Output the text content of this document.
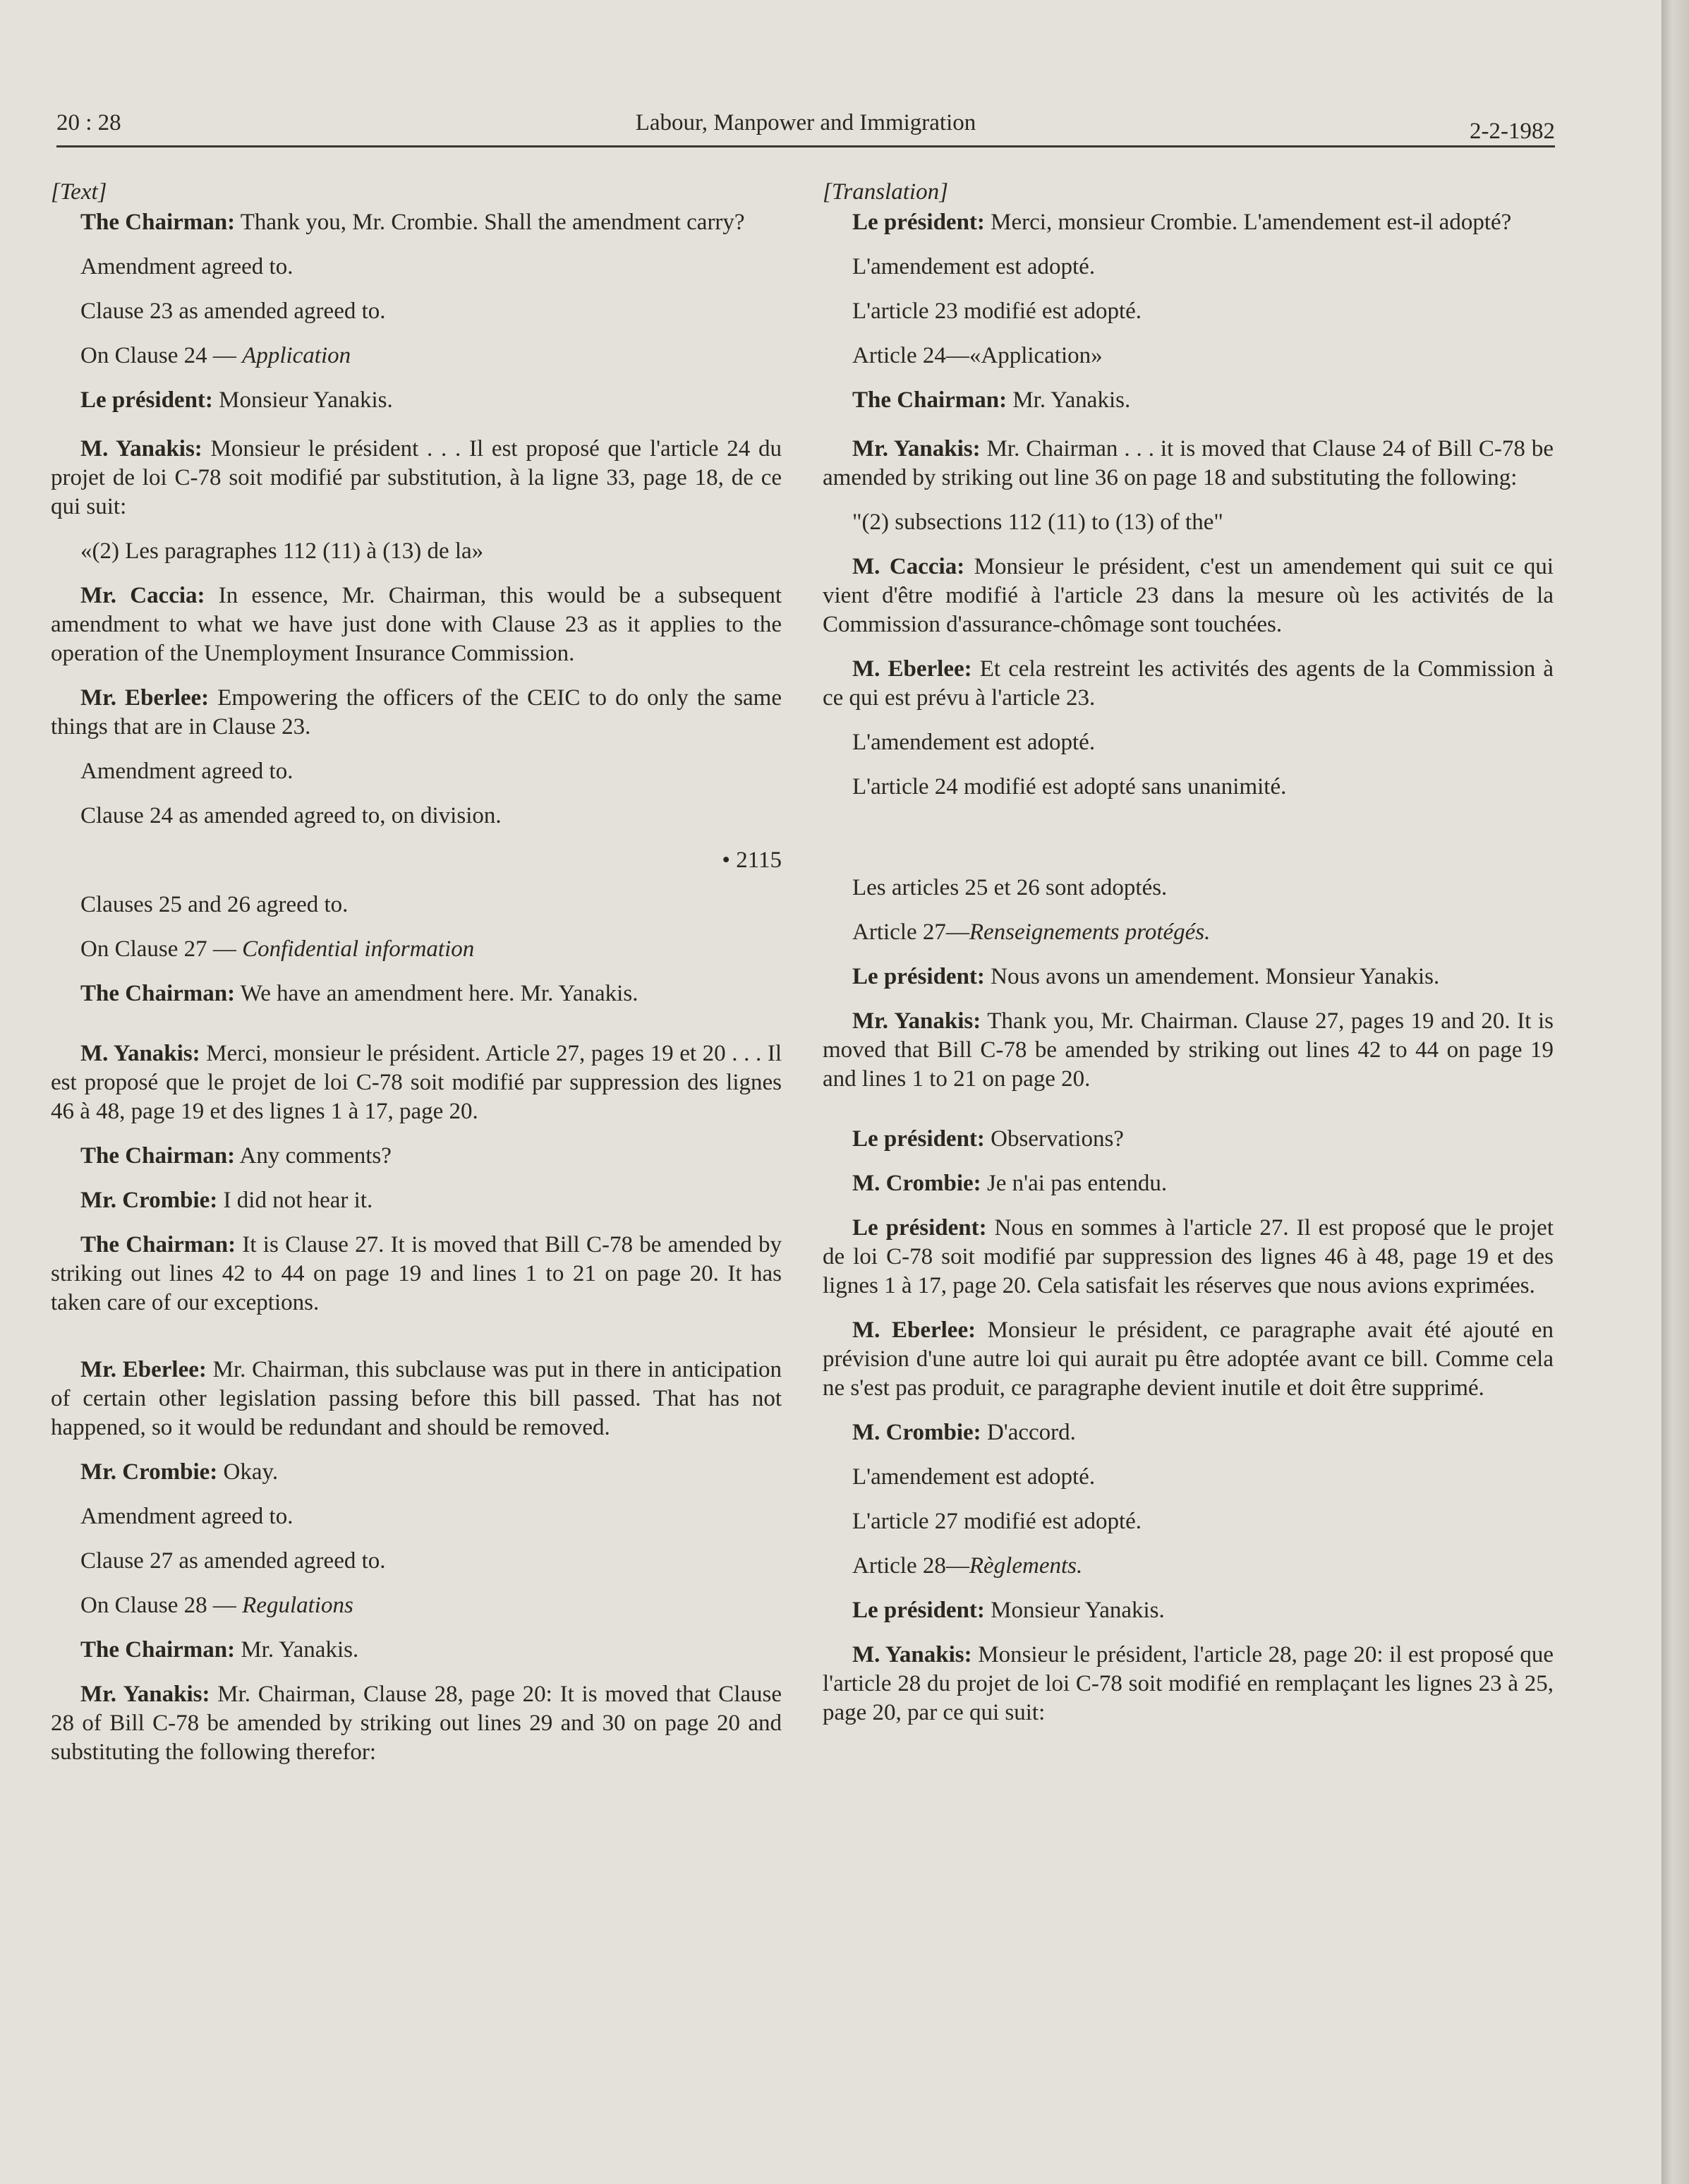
20 : 28	Labour, Manpower and Immigration	2-2-1982
[Text]
The Chairman: Thank you, Mr. Crombie. Shall the amendment carry?
Amendment agreed to.
Clause 23 as amended agreed to.
On Clause 24 — Application
Le président: Monsieur Yanakis.
M. Yanakis: Monsieur le président . . . Il est proposé que l'article 24 du projet de loi C-78 soit modifié par substitution, à la ligne 33, page 18, de ce qui suit:
«(2) Les paragraphes 112 (11) à (13) de la»
Mr. Caccia: In essence, Mr. Chairman, this would be a subsequent amendment to what we have just done with Clause 23 as it applies to the operation of the Unemployment Insurance Commission.
Mr. Eberlee: Empowering the officers of the CEIC to do only the same things that are in Clause 23.
Amendment agreed to.
Clause 24 as amended agreed to, on division.
• 2115
Clauses 25 and 26 agreed to.
On Clause 27 — Confidential information
The Chairman: We have an amendment here. Mr. Yanakis.
M. Yanakis: Merci, monsieur le président. Article 27, pages 19 et 20 . . . Il est proposé que le projet de loi C-78 soit modifié par suppression des lignes 46 à 48, page 19 et des lignes 1 à 17, page 20.
The Chairman: Any comments?
Mr. Crombie: I did not hear it.
The Chairman: It is Clause 27. It is moved that Bill C-78 be amended by striking out lines 42 to 44 on page 19 and lines 1 to 21 on page 20. It has taken care of our exceptions.
Mr. Eberlee: Mr. Chairman, this subclause was put in there in anticipation of certain other legislation passing before this bill passed. That has not happened, so it would be redundant and should be removed.
Mr. Crombie: Okay.
Amendment agreed to.
Clause 27 as amended agreed to.
On Clause 28 — Regulations
The Chairman: Mr. Yanakis.
Mr. Yanakis: Mr. Chairman, Clause 28, page 20: It is moved that Clause 28 of Bill C-78 be amended by striking out lines 29 and 30 on page 20 and substituting the following therefor:
[Translation]
Le président: Merci, monsieur Crombie. L'amendement est-il adopté?
L'amendement est adopté.
L'article 23 modifié est adopté.
Article 24—«Application»
The Chairman: Mr. Yanakis.
Mr. Yanakis: Mr. Chairman . . . it is moved that Clause 24 of Bill C-78 be amended by striking out line 36 on page 18 and substituting the following:
"(2) subsections 112 (11) to (13) of the"
M. Caccia: Monsieur le président, c'est un amendement qui suit ce qui vient d'être modifié à l'article 23 dans la mesure où les activités de la Commission d'assurance-chômage sont touchées.
M. Eberlee: Et cela restreint les activités des agents de la Commission à ce qui est prévu à l'article 23.
L'amendement est adopté.
L'article 24 modifié est adopté sans unanimité.
Les articles 25 et 26 sont adoptés.
Article 27—Renseignements protégés.
Le président: Nous avons un amendement. Monsieur Yanakis.
Mr. Yanakis: Thank you, Mr. Chairman. Clause 27, pages 19 and 20. It is moved that Bill C-78 be amended by striking out lines 42 to 44 on page 19 and lines 1 to 21 on page 20.
Le président: Observations?
M. Crombie: Je n'ai pas entendu.
Le président: Nous en sommes à l'article 27. Il est proposé que le projet de loi C-78 soit modifié par suppression des lignes 46 à 48, page 19 et des lignes 1 à 17, page 20. Cela satisfait les réserves que nous avions exprimées.
M. Eberlee: Monsieur le président, ce paragraphe avait été ajouté en prévision d'une autre loi qui aurait pu être adoptée avant ce bill. Comme cela ne s'est pas produit, ce paragraphe devient inutile et doit être supprimé.
M. Crombie: D'accord.
L'amendement est adopté.
L'article 27 modifié est adopté.
Article 28—Règlements.
Le président: Monsieur Yanakis.
M. Yanakis: Monsieur le président, l'article 28, page 20: il est proposé que l'article 28 du projet de loi C-78 soit modifié en remplaçant les lignes 23 à 25, page 20, par ce qui suit:
